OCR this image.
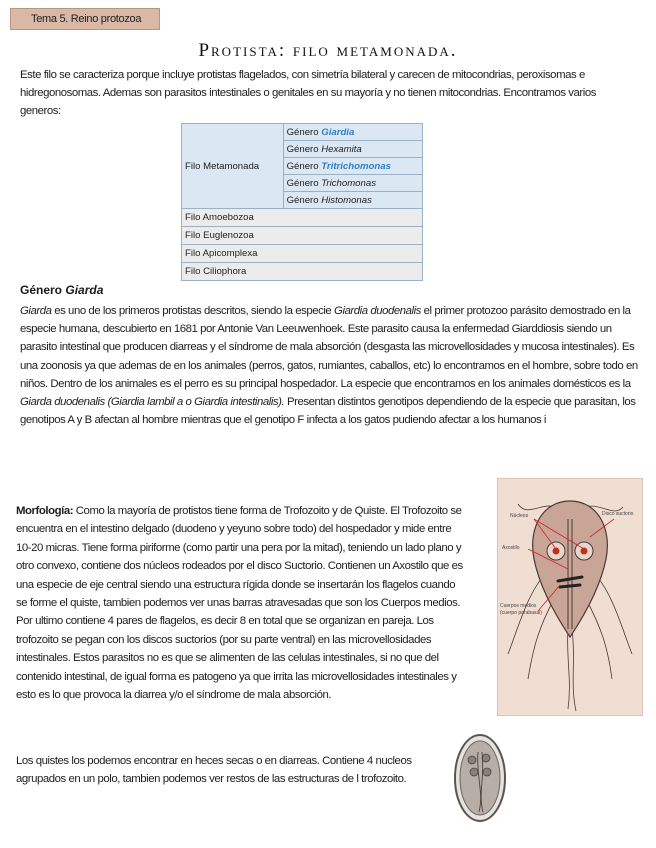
Tema 5. Reino protozoa
Protista: filo metamonada.
Este filo se caracteriza porque incluye protistas flagelados, con simetría bilateral y carecen de mitocondrias, peroxisomas e hidregonosomas. Ademas son parasitos intestinales o genitales en su mayoría y no tienen mitocondrias. Encontramos varios generos:
Filo Metamonada	Género Giardia
Género Hexamita
Género Tritrichomonas
Género Trichomonas
Género Histomonas
Filo Amoebozoa
Filo Euglenozoa
Filo Apicomplexa
Filo Ciliophora
Género Giarda
Giarda es uno de los primeros protistas descritos, siendo la especie Giardia duodenalis el primer protozoo parásito demostrado en la especie humana, descubierto en 1681 por Antonie Van Leeuwenhoek. Este parasito causa la enfermedad Giarddiosis siendo un parasito intestinal que producen diarreas y el síndrome de mala absorción (desgasta las microvellosidades y mucosa intestinales). Es una zoonosis ya que ademas de en los animales (perros, gatos, rumiantes, caballos, etc) lo encontramos en el hombre, sobre todo en niños. Dentro de los animales es el perro es su principal hospedador. La especie que encontramos en los animales domésticos es la Giarda duodenalis (Giardia lambil a o Giardia intestinalis). Presentan distintos genotipos dependiendo de la especie que parasitan, los genotipos A y B afectan al hombre mientras que el genotipo F infecta a los gatos pudiendo afectar a los humanos i
Morfología: Como la mayoría de protistos tiene forma de Trofozoito y de Quiste. El Trofozoito se encuentra en el intestino delgado (duodeno y yeyuno sobre todo) del hospedador y mide entre 10-20 micras. Tiene forma piriforme (como partir una pera por la mitad), teniendo un lado plano y otro convexo, contiene dos núcleos rodeados por el disco Suctorio. Contienen un Axostilo que es una especie de eje central siendo una estructura rígida donde se insertarán los flagelos cuando se forme el quiste, tambien podemos ver unas barras atravesadas que son los Cuerpos medios. Por ultimo contiene 4 pares de flagelos, es decir 8 en total que se organizan en pareja. Los trofozoito se pegan con los discos suctorios (por su parte ventral) en las microvellosidades intestinales. Estos parasitos no es que se alimenten de las celulas intestinales, si no que del contenido intestinal, de igual forma es patogeno ya que irrita las microvellosidades intestinales y esto es lo que provoca la diarrea y/o el síndrome de mala absorción.
Los quistes los podemos encontrar en heces secas o en diarreas. Contiene 4 nucleos agrupados en un polo, tambien podemos ver restos de las estructuras de l trofozoito.
Núcleos	Disco suctorio
Axostilo
Cuerpos medios
(cuerpo parabasal)
